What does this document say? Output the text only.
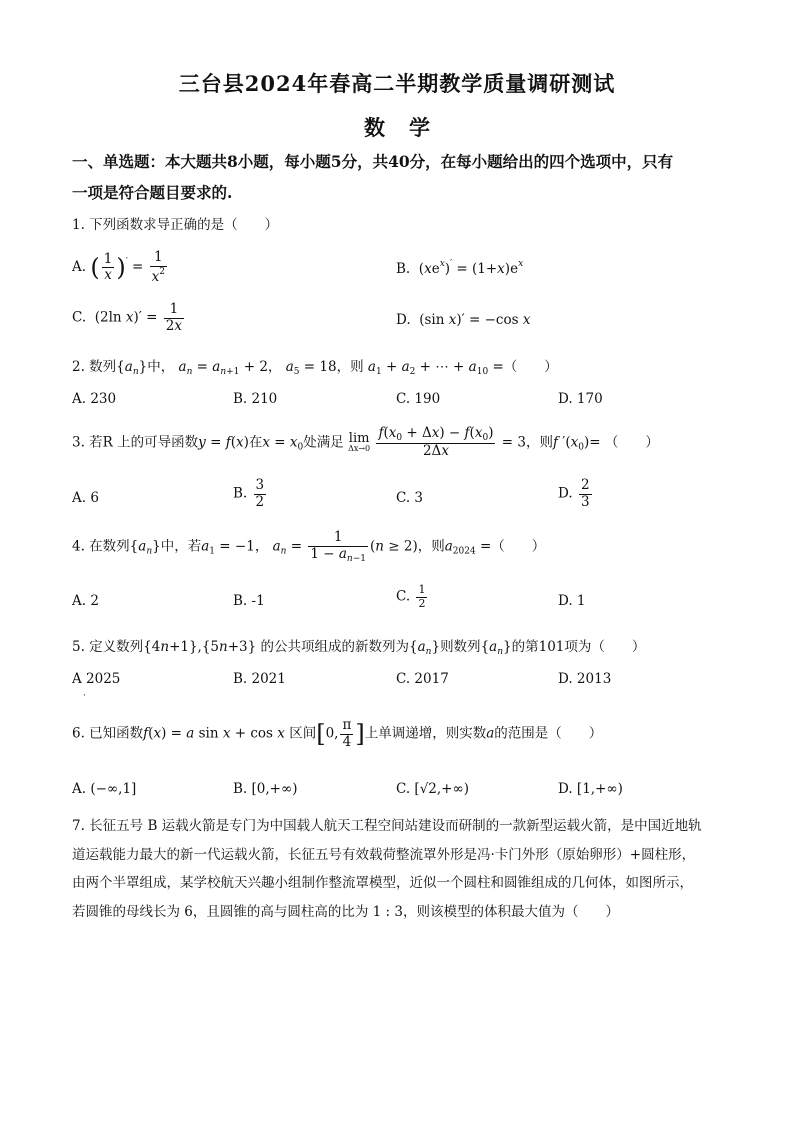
三台县2024年春高二半期教学质量调研测试
数 学
一、单选题：本大题共8小题，每小题5分，共40分，在每小题给出的四个选项中，只有
一项是符合题目要求的.
1. 下列函数求导正确的是（　　）
A. ( $\frac{1}{x} )' = \frac{1}{x^2}$	B.  $(xe^x)' = (1+x)e^x$
C.  (2ln $x)' = \frac{1}{2x}$	D.  (sin x)′ = −cos x
2. 数列$\{a_n\}$中， $a_n = a_{n+1} + 2$， $a_5 = 18$，则 $a_1 + a_2$ + ⋯ + $a_{10}$ =（　　）
A. 230	B. 210	C. 190	D. 170
3. 若R 上的可导函数y = f(x)在$x = x_0$处满足 lim
Δx→0
$\frac{f(x_0 + \Delta x) - f(x_0)}{2\Delta x} = 3$，则f $'(x_0)=$ （　　）
A. 6	B. $\frac{3}{2}$	C. 3	D. $\frac{2}{3}$
4. 在数列$\{a_n\}$中，若$a_1 = -1$， $a_n = \frac{1}{1 - a_{n-1}} (n \ge 2)$，则$a_{2024}$ =（　　）
A. 2	B. -1	C. $\frac{1}{2}$	D. 1
5. 定义数列{4n+1},{5n+3} 的公共项组成的新数列为$\{a_n\}$则数列$\{a_n\}$的第101项为（　　）
A 2025
·
B. 2021	C. 2017	D. 2013
6. 已知函数f(x) = a sin x + cos x 区间[0, $\frac{\pi}{4}$ ]上单调递增，则实数a的范围是（　　）
A. (−∞,1]	B. [0,+∞)	C. [√2,+∞)	D. [1,+∞)
7. 长征五号 B 运载火箭是专门为中国载人航天工程空间站建设而研制的一款新型运载火箭，是中国近地轨
道运载能力最大的新一代运载火箭，长征五号有效载荷整流罩外形是冯·卡门外形（原始卵形）+圆柱形，
由两个半罩组成，某学校航天兴趣小组制作整流罩模型，近似一个圆柱和圆锥组成的几何体，如图所示，
若圆锥的母线长为 6，且圆锥的高与圆柱高的比为 1 : 3，则该模型的体积最大值为（　　）
